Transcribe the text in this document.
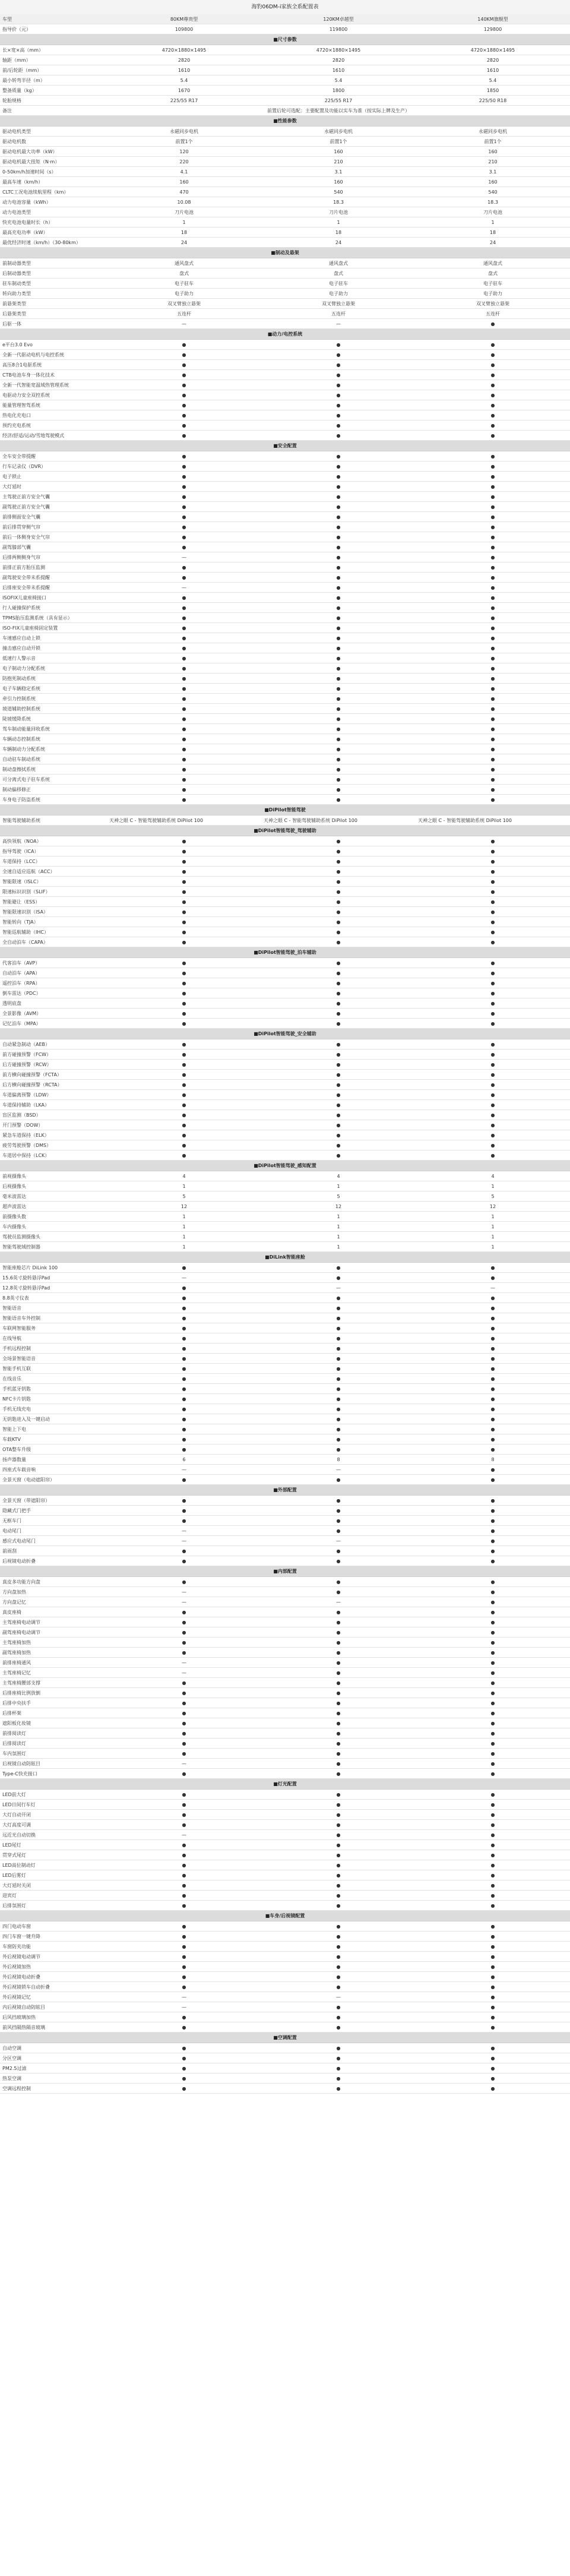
海豹06DM-i家族全系配置表
车型	80KM尊贵型	120KM卓越型	140KM旗舰型
指导价（元）	109800	119800	129800
■尺寸参数
长×宽×高（mm）	4720×1880×1495	4720×1880×1495	4720×1880×1495
轴距（mm）	2820	2820	2820
前/后轮距（mm）	1610	1610	1610
最小转弯半径（m）	5.4	5.4	5.4
整备质量（kg）	1670	1800	1850
轮胎规格	225/55 R17	225/55 R17	225/50 R18
备注	前置后轮可选配：主要配置及功能以实车为准（按实际上牌及生产）
■性能参数
驱动电机类型	永磁同步电机	永磁同步电机	永磁同步电机
驱动电机数	前置1个	前置1个	前置1个
驱动电机最大功率（kW）	120	160	160
驱动电机最大扭矩（N·m）	220	210	210
0-50km/h加速时间（s）	4.1	3.1	3.1
最高车速（km/h）	160	160	160
CLTC工况电池续航里程（km）	470	540	540
动力电池容量（kWh）	10.08	18.3	18.3
动力电池类型	刀片电池	刀片电池	刀片电池
快充电池电量时长（h）	1	1	1
最高充电功率（kW）	18	18	18
最优经济时速（km/h）（30-80km）	24	24	24
■制动及悬架
前制动器类型	通风盘式	通风盘式	通风盘式
后制动器类型	盘式	盘式	盘式
驻车制动类型	电子驻车	电子驻车	电子驻车
转向助力类型	电子助力	电子助力	电子助力
前悬架类型	双叉臂独立悬架	双叉臂独立悬架	双叉臂独立悬架
后悬架类型	五连杆	五连杆	五连杆
后驱一体	—	—	●
■动力/电控系统
e平台3.0 Evo	●	●	●
全新一代驱动电机与电控系统	●	●	●
高压8合1电驱系统	●	●	●
CTB电池车身一体化技术	●	●	●
全新一代智能宽温域热管理系统	●	●	●
电驱动力安全双控系统	●	●	●
能量管理智驾系统	●	●	●
热电化充电口	●	●	●
预约充电系统	●	●	●
经济/舒适/运动/雪地驾驶模式	●	●	●
■安全配置
全车安全带提醒	●	●	●
行车记录仪（DVR）	●	●	●
电子锁止	●	●	●
大灯延时	●	●	●
主驾驶正前方安全气囊	●	●	●
副驾驶正前方安全气囊	●	●	●
前排侧面安全气囊	●	●	●
前后排贯穿侧气帘	●	●	●
前后一体侧身安全气帘	●	●	●
副驾膝部气囊	●	●	●
后排两侧侧身气帘	—	●	●
前排正前方胎压监测	●	●	●
副驾驶安全带未系提醒	●	●	●
后排座安全带未系提醒	—	●	●
ISOFIX儿童座椅接口	●	●	●
行人碰撞保护系统	●	●	●
TPMS胎压监测系统（具有显示）	●	●	●
ISO-FIX儿童座椅固定装置	●	●	●
车速感应自动上锁	●	●	●
撞击感应自动开锁	●	●	●
低速行人警示音	●	●	●
电子制动力分配系统	●	●	●
防抱死制动系统	●	●	●
电子车辆稳定系统	●	●	●
牵引力控制系统	●	●	●
坡道辅助控制系统	●	●	●
陡坡缓降系统	●	●	●
驾车制动能量回收系统	●	●	●
车辆动态控制系统	●	●	●
车辆制动力分配系统	●	●	●
自动驻车制动系统	●	●	●
制动盘擦拭系统	●	●	●
可分离式电子驻车系统	●	●	●
制动偏移修正	●	●	●
车身电子防盗系统	●	●	●
■DiPilot智能驾驶
智能驾驶辅助系统	天神之眼 C - 智能驾驶辅助系统 DiPilot 100	天神之眼 C - 智能驾驶辅助系统 DiPilot 100	天神之眼 C - 智能驾驶辅助系统 DiPilot 100
■DiPilot智能驾驶_驾驶辅助
高快领航（NOA）	●	●	●
指导驾驶（ICA）	●	●	●
车道保持（LCC）	●	●	●
全速自适应巡航（ACC）	●	●	●
智能限速（ISLC）	●	●	●
限速标识识别（SLIF）	●	●	●
智能避让（ESS）	●	●	●
智能限速识别（ISA）	●	●	●
智能转向（TJA）	●	●	●
智能巡航辅助（IHC）	●	●	●
全自动泊车（CAPA）	●	●	●
■DiPilot智能驾驶_泊车辅助
代客泊车（AVP）	●	●	●
自动泊车（APA）	●	●	●
遥控泊车（RPA）	●	●	●
倒车雷达（PDC）	●	●	●
透明底盘	●	●	●
全景影像（AVM）	●	●	●
记忆泊车（MPA）	●	●	●
■DiPilot智能驾驶_安全辅助
自动紧急制动（AEB）	●	●	●
前方碰撞预警（FCW）	●	●	●
后方碰撞预警（RCW）	●	●	●
前方横向碰撞预警（FCTA）	●	●	●
后方横向碰撞预警（RCTA）	●	●	●
车道偏离预警（LDW）	●	●	●
车道保持辅助（LKA）	●	●	●
盲区监测（BSD）	●	●	●
开门预警（DOW）	●	●	●
紧急车道保持（ELK）	●	●	●
疲劳驾驶预警（DMS）	●	●	●
车道居中保持（LCK）	●	●	●
■DiPilot智能驾驶_感知配置
前视摄像头	4	4	4
后视摄像头	1	1	1
毫米波雷达	5	5	5
超声波雷达	12	12	12
前摄像头数	1	1	1
车内摄像头	1	1	1
驾驶员监测摄像头	1	1	1
智能驾驶域控制器	1	1	1
■DiLink智能座舱
智能座舱芯片 DiLink 100	●	●	●
15.6英寸旋转悬浮Pad	—	●	●
12.8英寸旋转悬浮Pad	●	—	—
8.8英寸仪表	●	●	●
智能语音	●	●	●
智能语音车外控制	●	●	●
车联网智能服务	●	●	●
在线导航	●	●	●
手机远程控制	●	●	●
全场景智能语音	●	●	●
智能手机互联	●	●	●
在线音乐	●	●	●
手机蓝牙钥匙	●	●	●
NFC卡片钥匙	●	●	●
手机无线充电	●	●	●
无钥匙进入及一键启动	●	●	●
智能上下电	●	●	●
车载KTV	●	●	●
OTA整车升级	●	●	●
扬声器数量	6	8	8
四座式车载音响	—	—	●
全景天窗（电动遮阳帘）	●	●	●
■外部配置
全景天窗（带遮阳帘）	●	●	●
隐藏式门把手	●	●	●
无框车门	●	●	●
电动尾门	—	●	●
感应式电动尾门	—	—	●
前雨刮	●	●	●
后视镜电动折叠	●	●	●
■内部配置
真皮多功能方向盘	●	●	●
方向盘加热	—	●	●
方向盘记忆	—	—	●
真皮座椅	●	●	●
主驾座椅电动调节	●	●	●
副驾座椅电动调节	●	●	●
主驾座椅加热	●	●	●
副驾座椅加热	●	●	●
前排座椅通风	—	●	●
主驾座椅记忆	—	●	●
主驾座椅腰部支撑	●	●	●
后排座椅比例放倒	●	●	●
后排中央扶手	●	●	●
后排杯架	●	●	●
遮阳板化妆镜	●	●	●
前排阅读灯	●	●	●
后排阅读灯	●	●	●
车内氛围灯	●	●	●
后视镜自动防眩目	—	●	●
Type-C快充接口	●	●	●
■灯光配置
LED前大灯	●	●	●
LED日间行车灯	●	●	●
大灯自动开闭	●	●	●
大灯高度可调	●	●	●
远近光自动切换	—	●	●
LED尾灯	●	●	●
贯穿式尾灯	●	●	●
LED高位制动灯	●	●	●
LED后雾灯	●	●	●
大灯延时关闭	●	●	●
迎宾灯	●	●	●
后排氛围灯	●	●	●
■车身/后视镜配置
四门电动车窗	●	●	●
四门车窗一键升降	●	●	●
车窗防夹功能	●	●	●
外后视镜电动调节	●	●	●
外后视镜加热	●	●	●
外后视镜电动折叠	●	●	●
外后视镜锁车自动折叠	●	●	●
外后视镜记忆	—	—	●
内后视镜自动防眩目	—	●	●
后风挡玻璃加热	●	●	●
前风挡隔热隔音玻璃	●	●	●
■空调配置
自动空调	●	●	●
分区空调	●	●	●
PM2.5过滤	●	●	●
热泵空调	●	●	●
空调远程控制	●	●	●
